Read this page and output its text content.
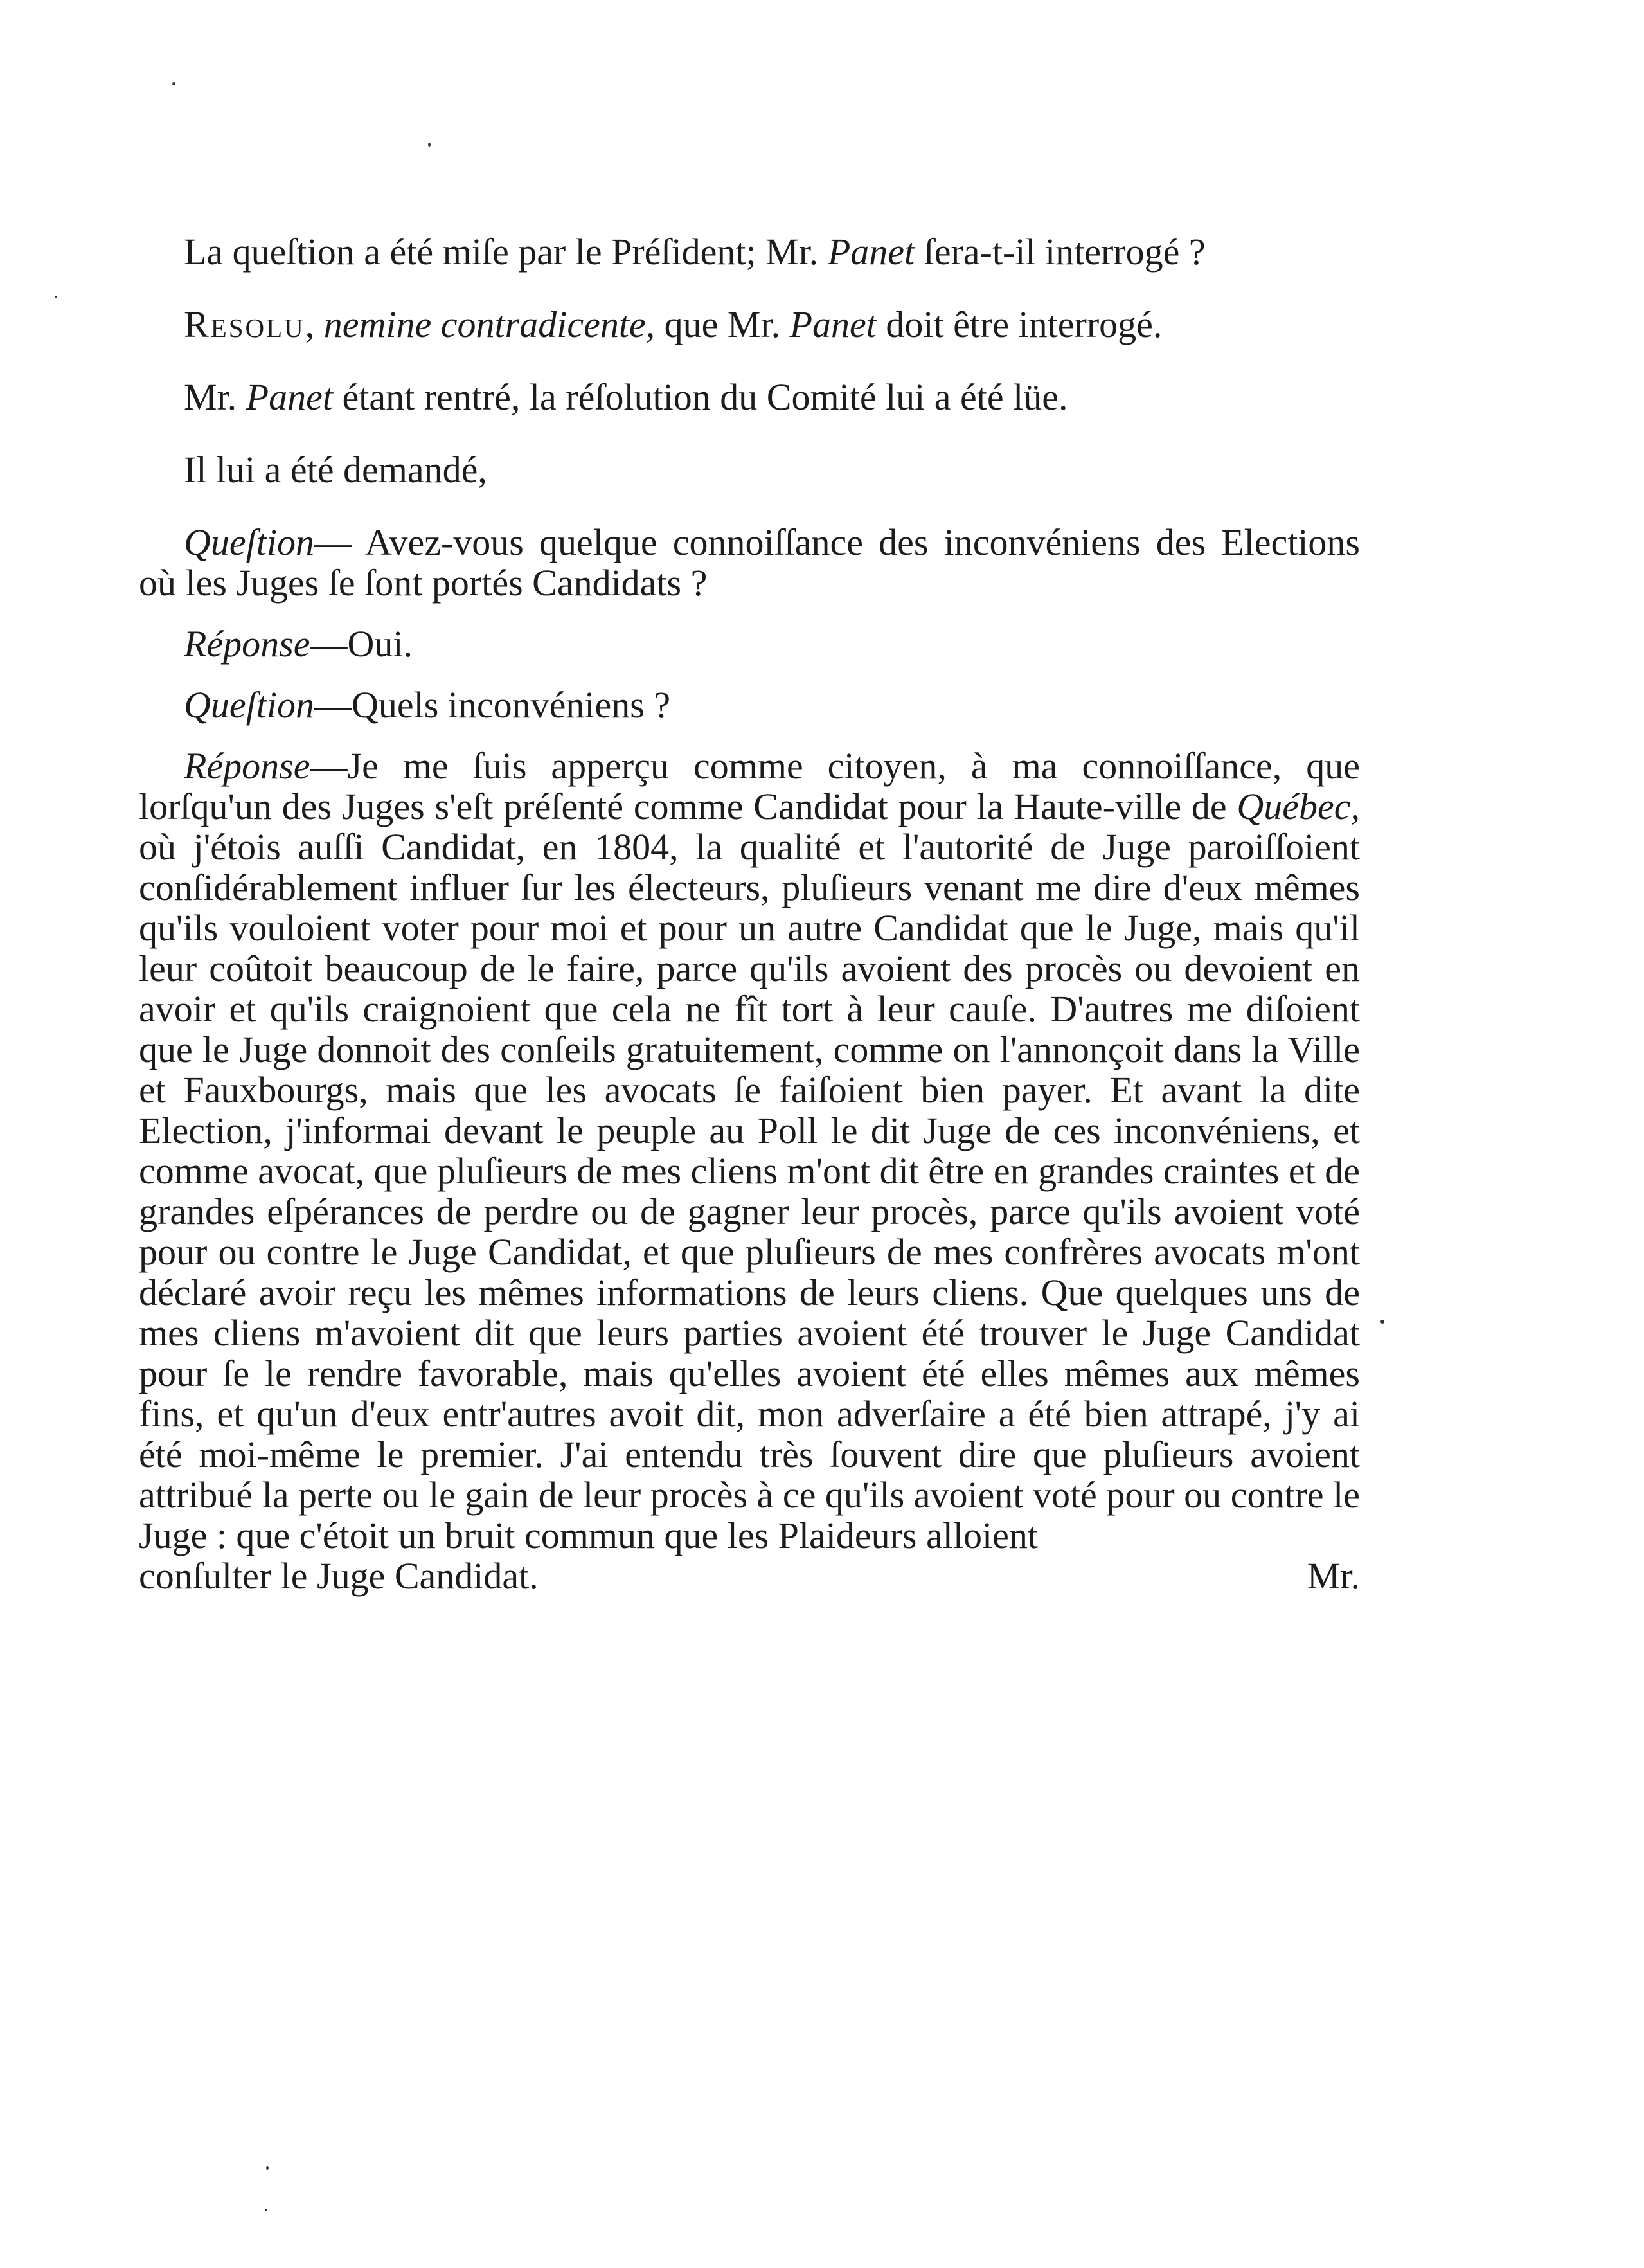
La queſtion a été miſe par le Préſident; Mr. Panet ſera-t-il interrogé ?

Resolu, nemine contradicente, que Mr. Panet doit être interrogé.

Mr. Panet étant rentré, la réſolution du Comité lui a été lüe.

Il lui a été demandé,

Queſtion— Avez-vous quelque connoiſſance des inconvéniens des Elections où les Juges ſe ſont portés Candidats ?

Réponse—Oui.

Queſtion—Quels inconvéniens ?

Réponse—Je me ſuis apperçu comme citoyen, à ma connoiſſance, que lorſqu'un des Juges s'eſt préſenté comme Candidat pour la Haute-ville de Québec, où j'étois auſſi Candidat, en 1804, la qualité et l'autorité de Juge paroiſſoient conſidérablement influer ſur les électeurs, pluſieurs venant me dire d'eux mêmes qu'ils vouloient voter pour moi et pour un autre Candidat que le Juge, mais qu'il leur coûtoit beaucoup de le faire, parce qu'ils avoient des procès ou devoient en avoir et qu'ils craignoient que cela ne fît tort à leur cauſe. D'autres me diſoient que le Juge donnoit des conſeils gratuitement, comme on l'annonçoit dans la Ville et Fauxbourgs, mais que les avocats ſe faiſoient bien payer. Et avant la dite Election, j'informai devant le peuple au Poll le dit Juge de ces inconvéniens, et comme avocat, que pluſieurs de mes cliens m'ont dit être en grandes craintes et de grandes eſpérances de perdre ou de gagner leur procès, parce qu'ils avoient voté pour ou contre le Juge Candidat, et que pluſieurs de mes confrères avocats m'ont déclaré avoir reçu les mêmes informations de leurs cliens. Que quelques uns de mes cliens m'avoient dit que leurs parties avoient été trouver le Juge Candidat pour ſe le rendre favorable, mais qu'elles avoient été elles mêmes aux mêmes fins, et qu'un d'eux entr'autres avoit dit, mon adverſaire a été bien attrapé, j'y ai été moi-même le premier. J'ai entendu très ſouvent dire que pluſieurs avoient attribué la perte ou le gain de leur procès à ce qu'ils avoient voté pour ou contre le Juge : que c'étoit un bruit commun que les Plaideurs alloient

conſulter le Juge Candidat.	Mr.
